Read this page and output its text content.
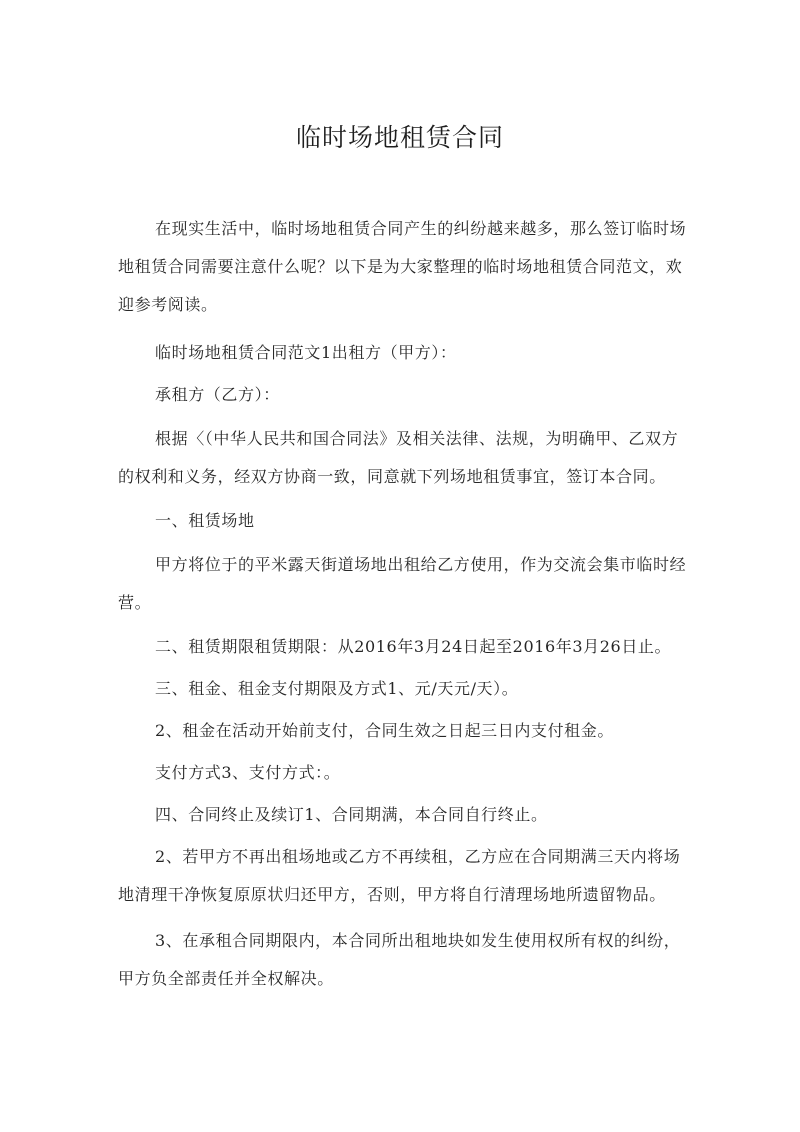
临时场地租赁合同
在现实生活中，临时场地租赁合同产生的纠纷越来越多，那么签订临时场地租赁合同需要注意什么呢？以下是为大家整理的临时场地租赁合同范文，欢迎参考阅读。
临时场地租赁合同范文1出租方（甲方）：
承租方（乙方）：
根据〈（中华人民共和国合同法》及相关法律、法规，为明确甲、乙双方的权利和义务，经双方协商一致，同意就下列场地租赁事宜，签订本合同。
一、租赁场地
甲方将位于的平米露天街道场地出租给乙方使用，作为交流会集市临时经营。
二、租赁期限租赁期限：从2016年3月24日起至2016年3月26日止。
三、租金、租金支付期限及方式1、元/天元/天）。
2、租金在活动开始前支付，合同生效之日起三日内支付租金。
支付方式3、支付方式：。
四、合同终止及续订1、合同期满，本合同自行终止。
2、若甲方不再出租场地或乙方不再续租，乙方应在合同期满三天内将场地清理干净恢复原原状归还甲方，否则，甲方将自行清理场地所遗留物品。
3、在承租合同期限内，本合同所出租地块如发生使用权所有权的纠纷，甲方负全部责任并全权解决。
